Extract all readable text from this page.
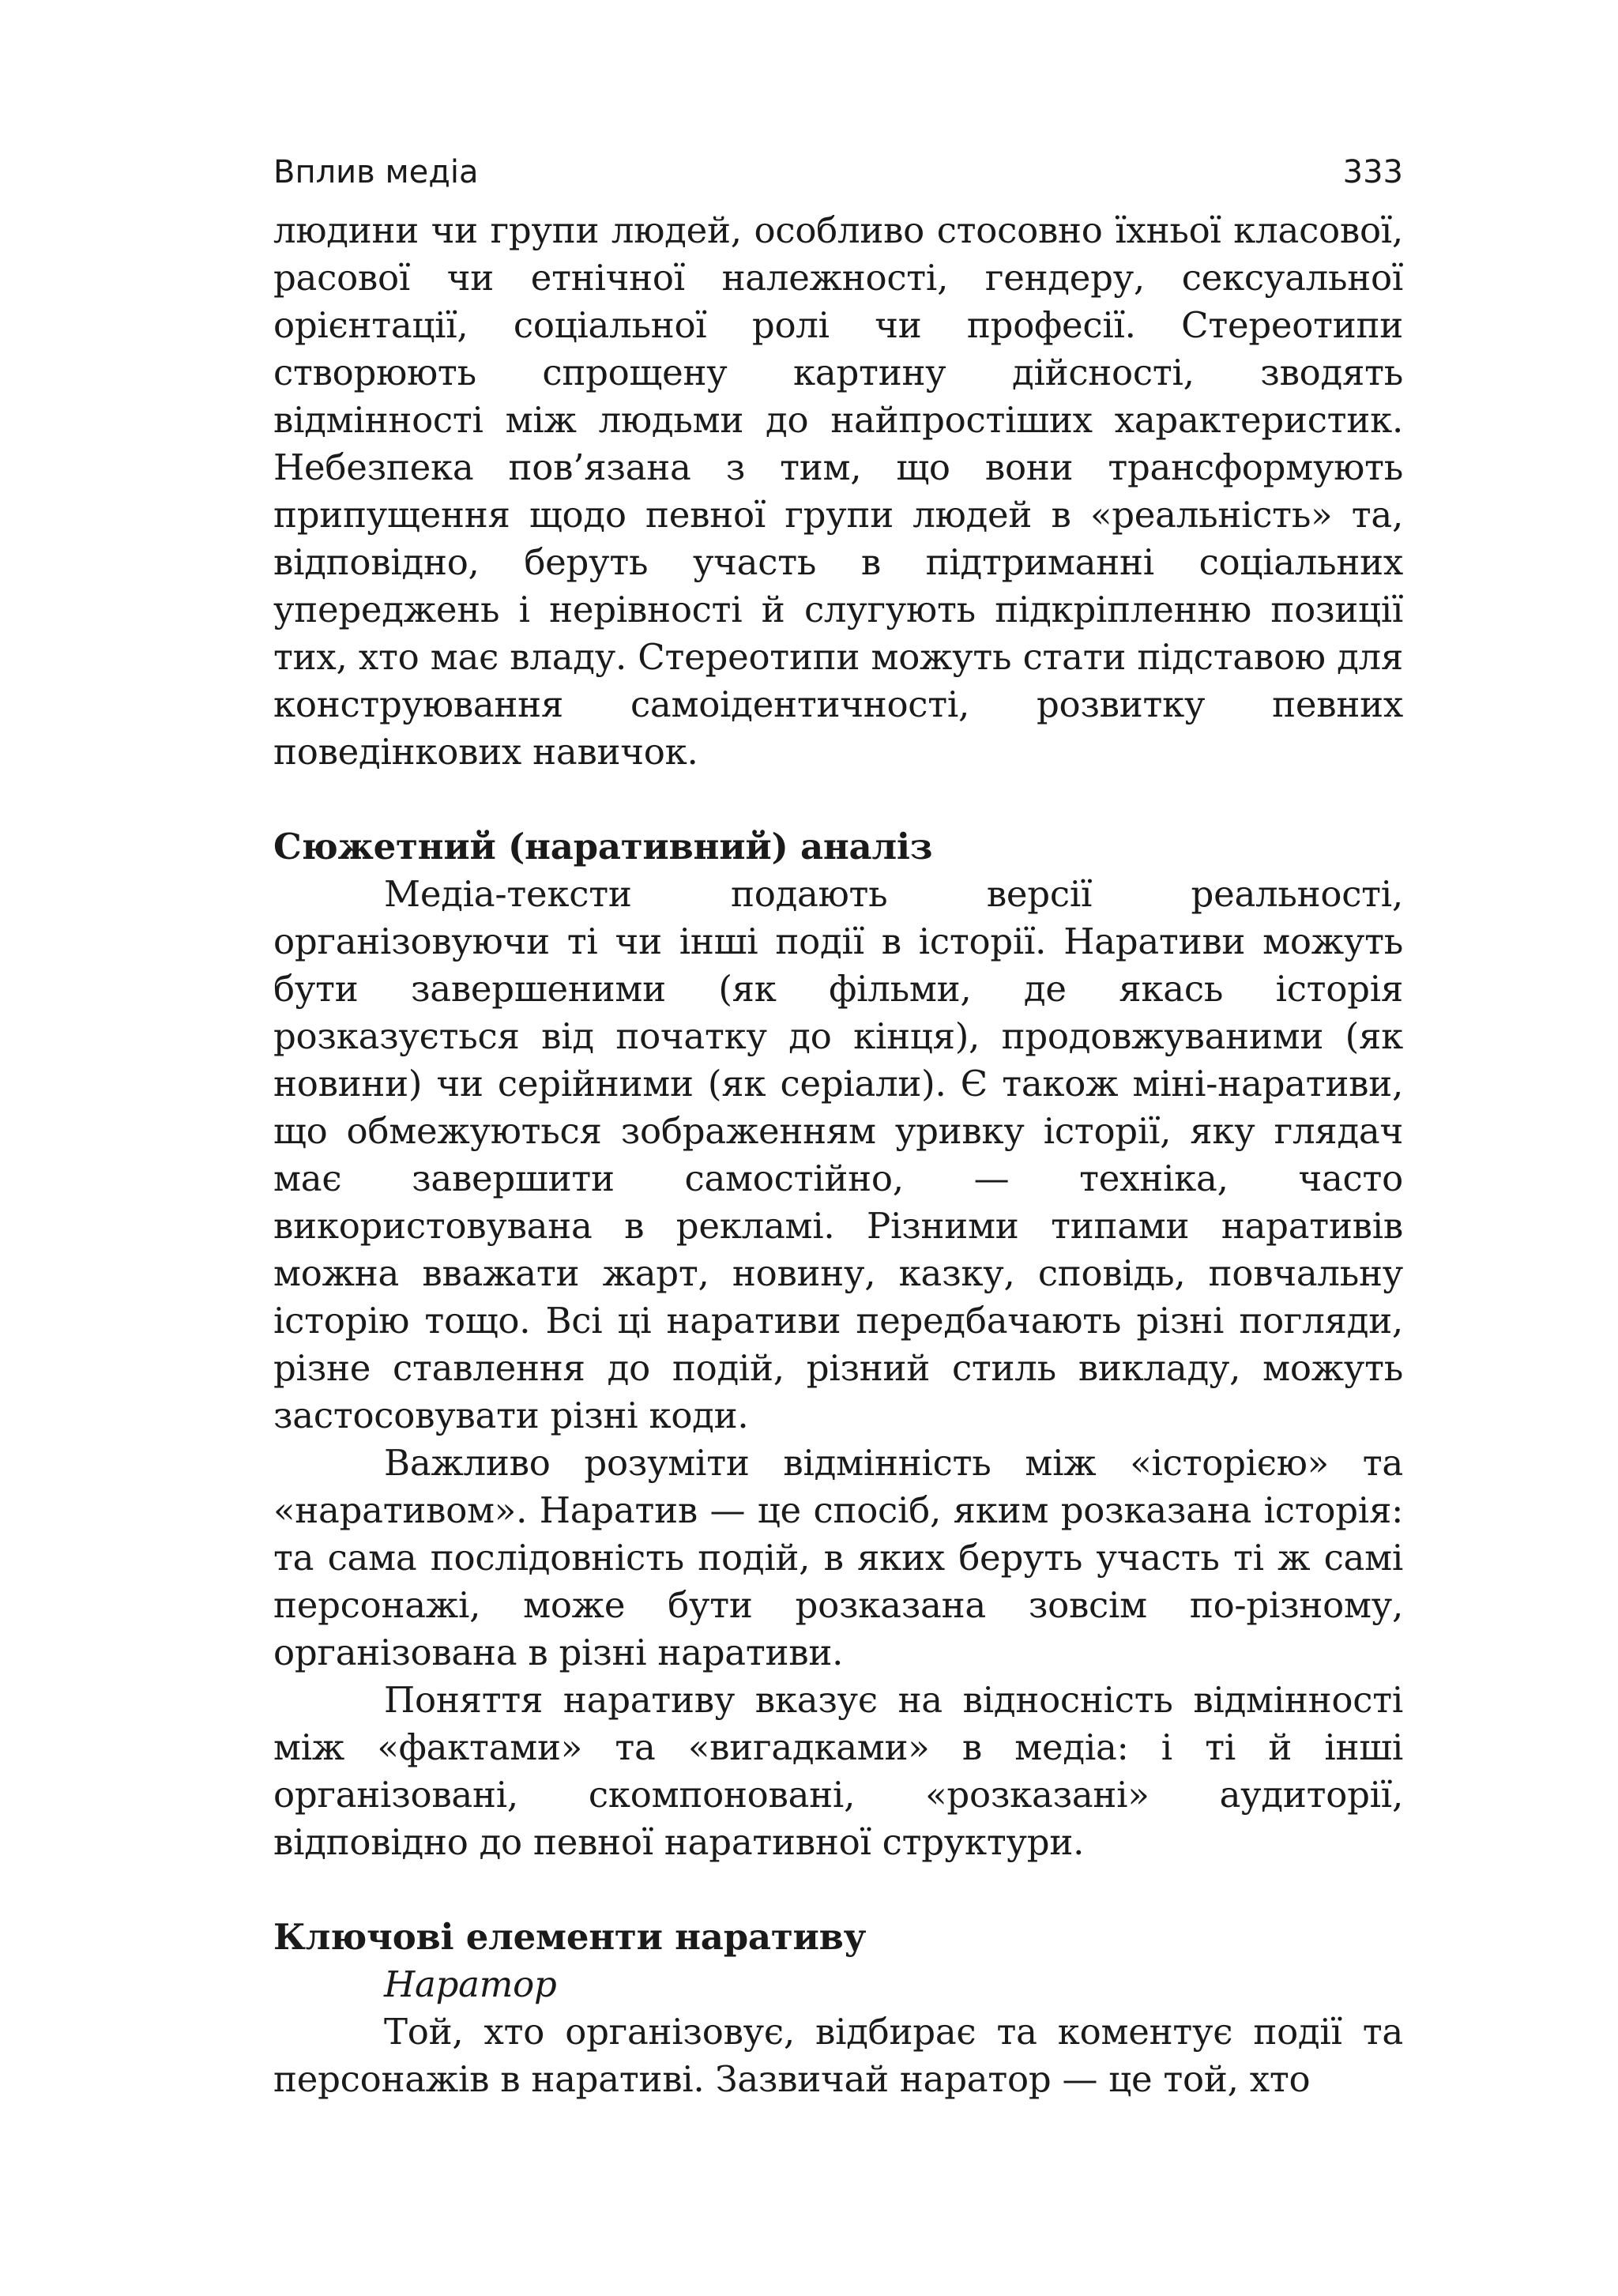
Вплив медіа	333

людини чи групи людей, особливо стосовно їхньої класової, расової чи етнічної належності, гендеру, сексуальної орієнтації, соціальної ролі чи професії. Стереотипи створюють спрощену картину дійсності, зводять відмінності між людьми до найпростіших характеристик. Небезпека пов’язана з тим, що вони трансформують припущення щодо певної групи людей в «реальність» та, відповідно, беруть участь в підтриманні соціальних упереджень і нерівності й слугують підкріпленню позиції тих, хто має владу. Стереотипи можуть стати підставою для конструювання самоідентичності, розвитку певних поведінкових навичок.

Сюжетний (наративний) аналіз

Медіа-тексти подають версії реальності, організовуючи ті чи інші події в історії. Наративи можуть бути завершеними (як фільми, де якась історія розказується від початку до кінця), продовжуваними (як новини) чи серійними (як серіали). Є також міні-наративи, що обмежуються зображенням уривку історії, яку глядач має завершити самостійно, — техніка, часто використовувана в рекламі. Різними типами наративів можна вважати жарт, новину, казку, сповідь, повчальну історію тощо. Всі ці наративи передбачають різні погляди, різне ставлення до подій, різний стиль викладу, можуть застосовувати різні коди.

Важливо розуміти відмінність між «історією» та «наративом». Наратив — це спосіб, яким розказана історія: та сама послідовність подій, в яких беруть участь ті ж самі персонажі, може бути розказана зовсім по-різному, організована в різні наративи.

Поняття наративу вказує на відносність відмінності між «фактами» та «вигадками» в медіа: і ті й інші організовані, скомпоновані, «розказані» аудиторії, відповідно до певної наративної структури.

Ключові елементи наративу

Наратор

Той, хто організовує, відбирає та коментує події та персонажів в наративі. Зазвичай наратор — це той, хто
